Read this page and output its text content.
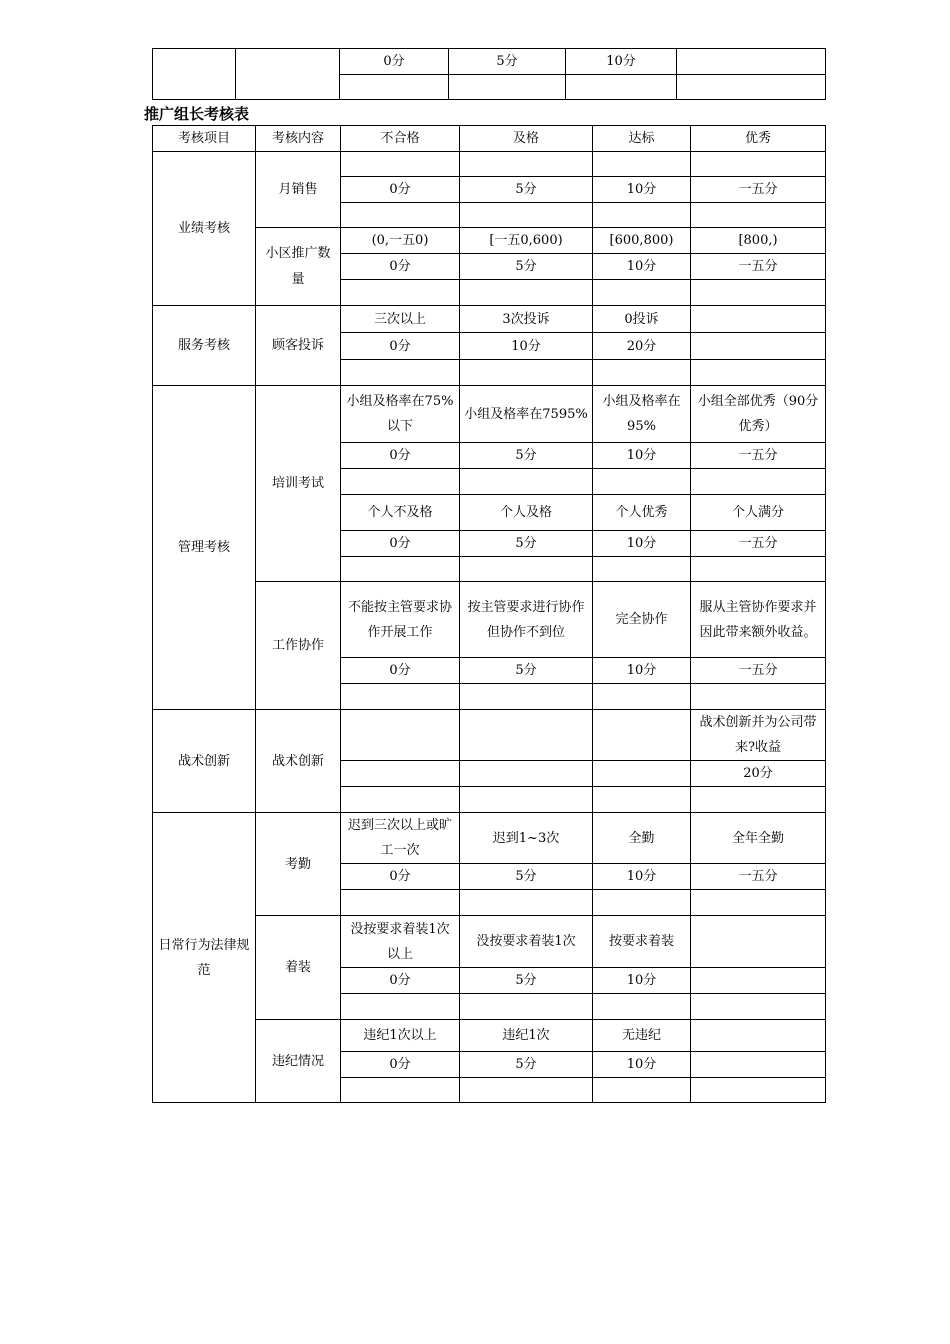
		0分	5分	10分	

推广组长考核表
考核项目	考核内容	不合格	及格	达标	优秀
业绩考核	月销售				
		0分	5分	10分	一五分

	小区推广数量	(0,一五0)	[一五0,600)	[600,800)	[800,)
		0分	5分	10分	一五分

服务考核	顾客投诉	三次以上	3次投诉	0投诉	
		0分	10分	20分	

管理考核	培训考试	小组及格率在75%以下	小组及格率在7595%	小组及格率在95%	小组全部优秀（90分优秀）
		0分	5分	10分	一五分

		个人不及格	个人及格	个人优秀	个人满分
		0分	5分	10分	一五分

	工作协作	不能按主管要求协作开展工作	按主管要求进行协作但协作不到位	完全协作	服从主管协作要求并因此带来额外收益。
		0分	5分	10分	一五分

战术创新	战术创新				战术创新并为公司带来?收益
					20分

日常行为法律规范	考勤	迟到三次以上或旷工一次	迟到1~3次	全勤	全年全勤
		0分	5分	10分	一五分

	着装	没按要求着装1次以上	没按要求着装1次	按要求着装	
		0分	5分	10分	

	违纪情况	违纪1次以上	违纪1次	无违纪	
		0分	5分	10分	
